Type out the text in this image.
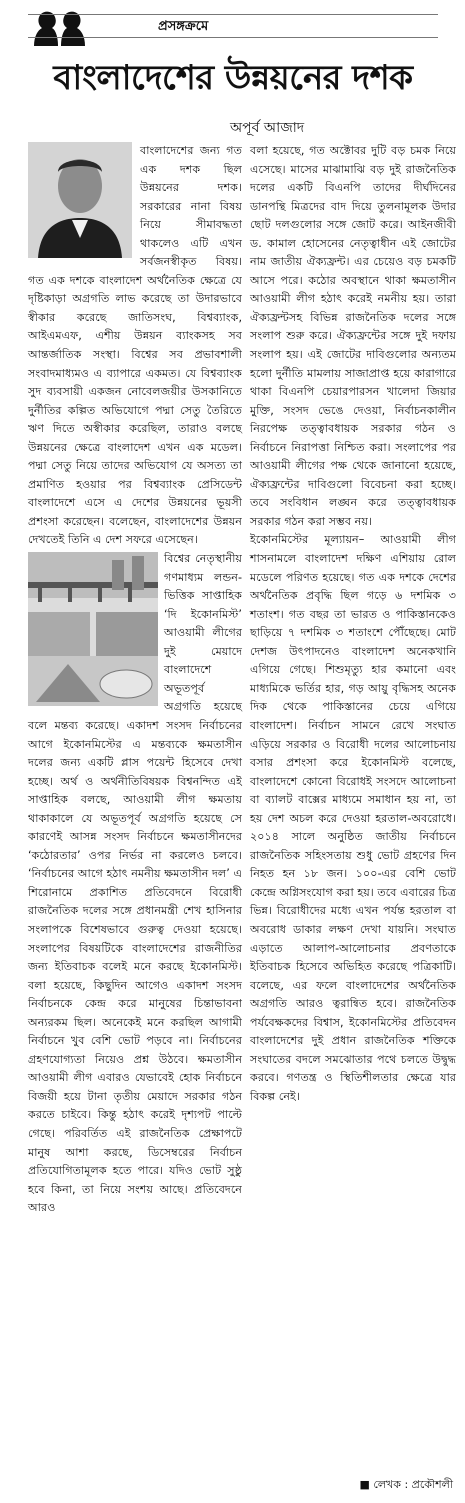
প্রসঙ্গক্রমে
বাংলাদেশের উন্নয়নের দশক
অপূর্ব আজাদ

বাংলাদেশের জন্য গত এক দশক ছিল উন্নয়নের দশক। সরকারের নানা বিষয় নিয়ে সীমাবদ্ধতা থাকলেও এটি এখন সর্বজনস্বীকৃত বিষয়। গত এক দশকে বাংলাদেশ অর্থনৈতিক ক্ষেত্রে যে দৃষ্টিকাড়া অগ্রগতি লাভ করেছে তা উদারভাবে স্বীকার করেছে জাতিসংঘ, বিশ্বব্যাংক, আইএমএফ, এশীয় উন্নয়ন ব্যাংকসহ সব আন্তর্জাতিক সংস্থা। বিশ্বের সব প্রভাবশালী সংবাদমাধ্যমও এ ব্যাপারে একমত। যে বিশ্বব্যাংক সুদ ব্যবসায়ী একজন নোবেলজয়ীর উসকানিতে দুর্নীতির কল্পিত অভিযোগে পদ্মা সেতু তৈরিতে ঋণ দিতে অস্বীকার করেছিল, তারাও বলছে উন্নয়নের ক্ষেত্রে বাংলাদেশ এখন এক মডেল। পদ্মা সেতু নিয়ে তাদের অভিযোগ যে অসত্য তা প্রমাণিত হওয়ার পর বিশ্বব্যাংক প্রেসিডেন্ট বাংলাদেশে এসে এ দেশের উন্নয়নের ভূয়সী প্রশংসা করেছেন। বলেছেন, বাংলাদেশের উন্নয়ন দেখতেই তিনি এ দেশ সফরে এসেছেন।

বিশ্বের নেতৃস্থানীয় গণমাধ্যম লন্ডন-ভিত্তিক সাপ্তাহিক ‘দি ইকোনমিস্ট’ আওয়ামী লীগের দুই মেয়াদে বাংলাদেশে অভূতপূর্ব অগ্রগতি হয়েছে বলে মন্তব্য করেছে। একাদশ সংসদ নির্বাচনের আগে ইকোনমিস্টের এ মন্তব্যকে ক্ষমতাসীন দলের জন্য একটি প্লাস পয়েন্ট হিসেবে দেখা হচ্ছে। অর্থ ও অর্থনীতিবিষয়ক বিশ্বনন্দিত এই সাপ্তাহিক বলছে, আওয়ামী লীগ ক্ষমতায় থাকাকালে যে অভূতপূর্ব অগ্রগতি হয়েছে সে কারণেই আসন্ন সংসদ নির্বাচনে ক্ষমতাসীনদের ‘কঠোরতার’ ওপর নির্ভর না করলেও চলবে। ‘নির্বাচনের আগে হঠাৎ নমনীয় ক্ষমতাসীন দল’ এ শিরোনামে প্রকাশিত প্রতিবেদনে বিরোধী রাজনৈতিক দলের সঙ্গে প্রধানমন্ত্রী শেখ হাসিনার সংলাপকে বিশেষভাবে গুরুত্ব দেওয়া হয়েছে। সংলাপের বিষয়টিকে বাংলাদেশের রাজনীতির জন্য ইতিবাচক বলেই মনে করছে ইকোনমিস্ট। বলা হয়েছে, কিছুদিন আগেও একাদশ সংসদ নির্বাচনকে কেন্দ্র করে মানুষের চিন্তাভাবনা অন্যরকম ছিল। অনেকেই মনে করছিল আগামী নির্বাচনে খুব বেশি ভোট পড়বে না। নির্বাচনের গ্রহণযোগ্যতা নিয়েও প্রশ্ন উঠবে। ক্ষমতাসীন আওয়ামী লীগ এবারও যেভাবেই হোক নির্বাচনে বিজয়ী হয়ে টানা তৃতীয় মেয়াদে সরকার গঠন করতে চাইবে। কিন্তু হঠাৎ করেই দৃশ্যপট পাল্টে গেছে। পরিবর্তিত এই রাজনৈতিক প্রেক্ষাপটে মানুষ আশা করছে, ডিসেম্বরের নির্বাচন প্রতিযোগিতামূলক হতে পারে। যদিও ভোট সুষ্ঠু হবে কিনা, তা নিয়ে সংশয় আছে। প্রতিবেদনে আরও

বলা হয়েছে, গত অক্টোবর দুটি বড় চমক নিয়ে এসেছে। মাসের মাঝামাঝি বড় দুই রাজনৈতিক দলের একটি বিএনপি তাদের দীর্ঘদিনের ডানপন্থি মিত্রদের বাদ দিয়ে তুলনামূলক উদার ছোট দলগুলোর সঙ্গে জোট করে। আইনজীবী ড. কামাল হোসেনের নেতৃত্বাধীন এই জোটের নাম জাতীয় ঐক্যফ্রন্ট। এর চেয়েও বড় চমকটি আসে পরে। কঠোর অবস্থানে থাকা ক্ষমতাসীন আওয়ামী লীগ হঠাৎ করেই নমনীয় হয়। তারা ঐক্যফ্রন্টসহ বিভিন্ন রাজনৈতিক দলের সঙ্গে সংলাপ শুরু করে। ঐক্যফ্রন্টের সঙ্গে দুই দফায় সংলাপ হয়। এই জোটের দাবিগুলোর অন্যতম হলো দুর্নীতি মামলায় সাজাপ্রাপ্ত হয়ে কারাগারে থাকা বিএনপি চেয়ারপারসন খালেদা জিয়ার মুক্তি, সংসদ ভেঙে দেওয়া, নির্বাচনকালীন নিরপেক্ষ তত্ত্বাবধায়ক সরকার গঠন ও নির্বাচনে নিরাপত্তা নিশ্চিত করা। সংলাপের পর আওয়ামী লীগের পক্ষ থেকে জানানো হয়েছে, ঐক্যফ্রন্টের দাবিগুলো বিবেচনা করা হচ্ছে। তবে সংবিধান লঙ্ঘন করে তত্ত্বাবধায়ক সরকার গঠন করা সম্ভব নয়।

ইকোনমিস্টের মূল্যায়ন– আওয়ামী লীগ শাসনামলে বাংলাদেশ দক্ষিণ এশিয়ায় রোল মডেলে পরিণত হয়েছে। গত এক দশকে দেশের অর্থনৈতিক প্রবৃদ্ধি ছিল গড়ে ৬ দশমিক ৩ শতাংশ। গত বছর তা ভারত ও পাকিস্তানকেও ছাড়িয়ে ৭ দশমিক ৩ শতাংশে পৌঁছেছে। মোট দেশজ উৎপাদনেও বাংলাদেশ অনেকখানি এগিয়ে গেছে। শিশুমৃত্যু হার কমানো এবং মাধ্যমিকে ভর্তির হার, গড় আয়ু বৃদ্ধিসহ অনেক দিক থেকে পাকিস্তানের চেয়ে এগিয়ে বাংলাদেশ। নির্বাচন সামনে রেখে সংঘাত এড়িয়ে সরকার ও বিরোধী দলের আলোচনায় বসার প্রশংসা করে ইকোনমিস্ট বলেছে, বাংলাদেশে কোনো বিরোধই সংসদে আলোচনা বা ব্যালট বাক্সের মাধ্যমে সমাধান হয় না, তা হয় দেশ অচল করে দেওয়া হরতাল-অবরোধে। ২০১৪ সালে অনুষ্ঠিত জাতীয় নির্বাচনে রাজনৈতিক সহিংসতায় শুধু ভোট গ্রহণের দিন নিহত হন ১৮ জন। ১০০-এর বেশি ভোট কেন্দ্রে অগ্নিসংযোগ করা হয়। তবে এবারের চিত্র ভিন্ন। বিরোধীদের মধ্যে এখন পর্যন্ত হরতাল বা অবরোধ ডাকার লক্ষণ দেখা যায়নি। সংঘাত এড়াতে আলাপ-আলোচনার প্রবণতাকে ইতিবাচক হিসেবে অভিহিত করেছে পত্রিকাটি। বলেছে, এর ফলে বাংলাদেশের অর্থনৈতিক অগ্রগতি আরও ত্বরান্বিত হবে। রাজনৈতিক পর্যবেক্ষকদের বিশ্বাস, ইকোনমিস্টের প্রতিবেদন বাংলাদেশের দুই প্রধান রাজনৈতিক শক্তিকে সংঘাতের বদলে সমঝোতার পথে চলতে উদ্বুদ্ধ করবে। গণতন্ত্র ও স্থিতিশীলতার ক্ষেত্রে যার বিকল্প নেই।

■ লেখক : প্রকৌশলী
